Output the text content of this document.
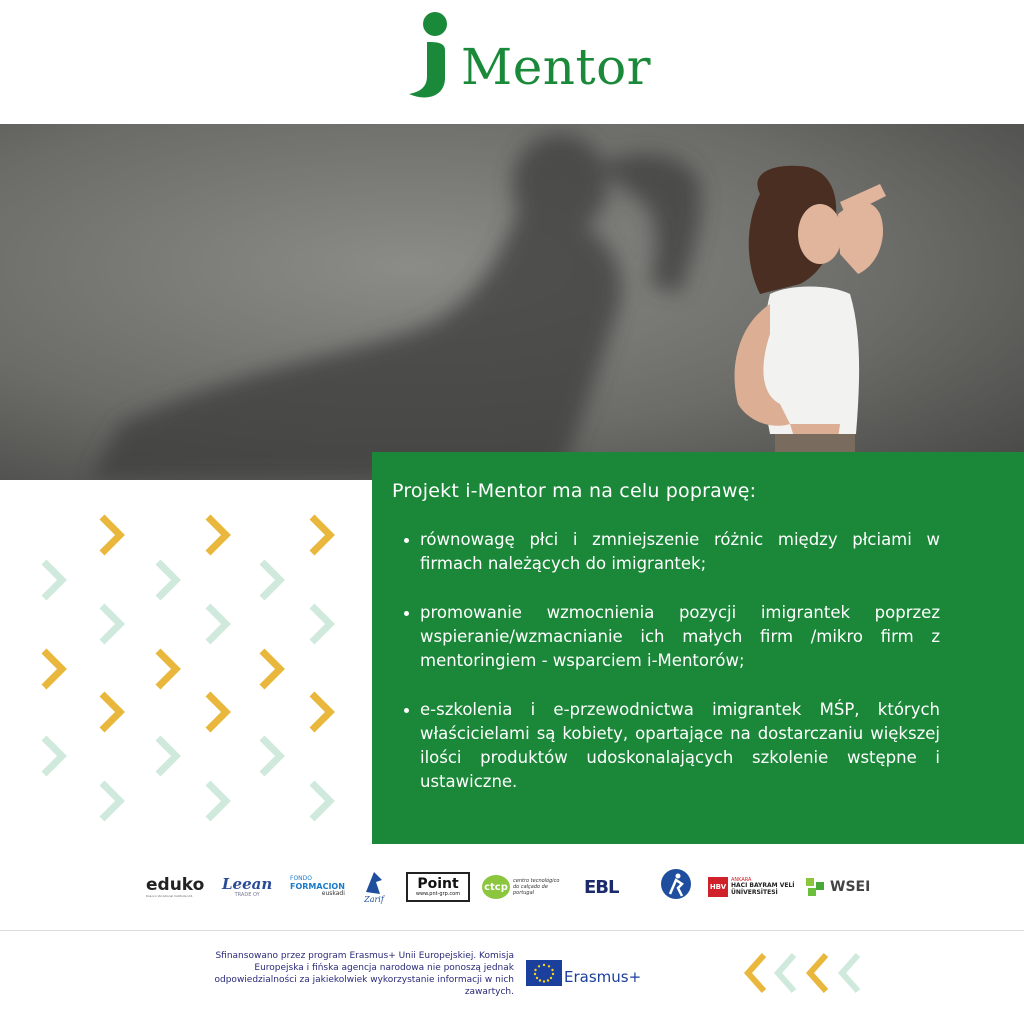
Mentor
Projekt i-Mentor ma na celu poprawę:
równowagę płci i zmniejszenie różnic między płciami w firmach należących do imigrantek;
promowanie wzmocnienia pozycji imigrantek poprzez wspieranie/wzmacnianie ich małych firm /mikro firm z mentoringiem - wsparciem i-Mentorów;
e-szkolenia i e-przewodnictwa imigrantek MŚP, których właścicielami są kobiety, opartające na dostarczaniu większej ilości produktów udoskonalających szkolenie wstępne i ustawiczne.
eduko
Kosovo Vocational Institute Ltd.
Leean
TRADE OY
FONDO
FORMACION
euskadi
Zarif
Point
www.pnt-grp.com
ctcp
centro tecnológico do calçado de portugal	EBL	HBV
ANKARA
HACI BAYRAM VELİ
ÜNİVERSİTESİ	WSEI
Sfinansowano przez program Erasmus+ Unii Europejskiej. Komisja Europejska i fińska agencja narodowa nie ponoszą jednak odpowiedzialności za jakiekolwiek wykorzystanie informacji w nich zawartych.
Erasmus+
